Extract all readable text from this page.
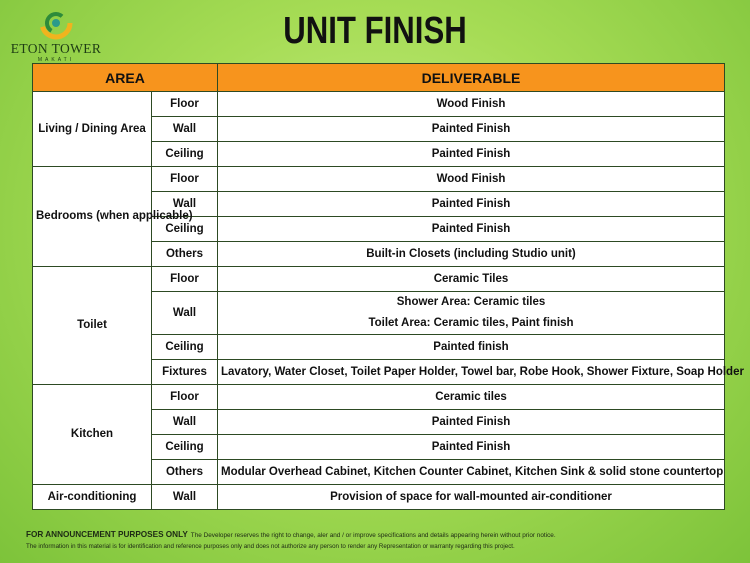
ETON TOWER
MAKATI
UNIT FINISH
AREA		DELIVERABLE
Living / Dining Area	Floor	Wood Finish

	Wall	Painted Finish

	Ceiling	Painted Finish

Bedrooms (when applicable)	Floor	Wood Finish

	Wall	Painted Finish

	Ceiling	Painted Finish

	Others	Built-in Closets (including Studio unit)

Toilet	Floor	Ceramic Tiles

	Wall	Shower Area: Ceramic tiles
Toilet Area: Ceramic tiles, Paint finish

	Ceiling	Painted finish

	Fixtures	Lavatory, Water Closet, Toilet Paper Holder, Towel bar, Robe Hook, Shower Fixture, Soap Holder

Kitchen	Floor	Ceramic tiles

	Wall	Painted Finish

	Ceiling	Painted Finish

	Others	Modular Overhead Cabinet, Kitchen Counter Cabinet, Kitchen Sink & solid stone countertop

Air-conditioning	Wall	Provision of space for wall-mounted air-conditioner
FOR ANNOUNCEMENT PURPOSES ONLY The Developer reserves the right to change, aler and / or improve specifications and details appearing herein without prior notice.
The information in this material is for identification and reference purposes only and does not authorize any person to render any Representation or warranty regarding this project.
